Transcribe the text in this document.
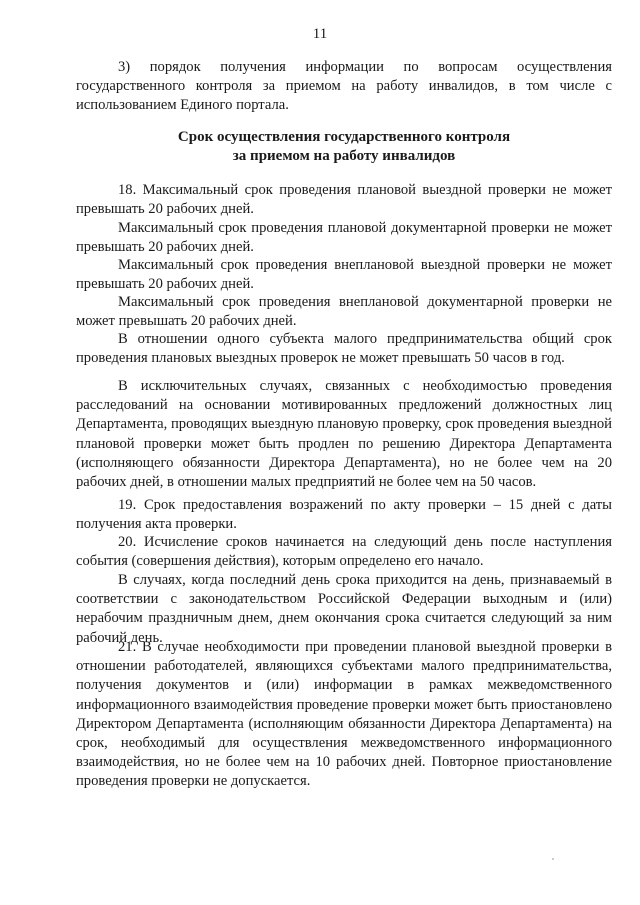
11

3) порядок получения информации по вопросам осуществления государственного контроля за приемом на работу инвалидов, в том числе с использованием Единого портала.

Срок осуществления государственного контроля
за приемом на работу инвалидов

18. Максимальный срок проведения плановой выездной проверки не может превышать 20 рабочих дней.

Максимальный срок проведения плановой документарной проверки не может превышать 20 рабочих дней.

Максимальный срок проведения внеплановой выездной проверки не может превышать 20 рабочих дней.

Максимальный срок проведения внеплановой документарной проверки не может превышать 20 рабочих дней.

В отношении одного субъекта малого предпринимательства общий срок проведения плановых выездных проверок не может превышать 50 часов в год.

В исключительных случаях, связанных с необходимостью проведения расследований на основании мотивированных предложений должностных лиц Департамента, проводящих выездную плановую проверку, срок проведения выездной плановой проверки может быть продлен по решению Директора Департамента (исполняющего обязанности Директора Департамента), но не более чем на 20 рабочих дней, в отношении малых предприятий не более чем на 50 часов.

19. Срок предоставления возражений по акту проверки – 15 дней с даты получения акта проверки.

20. Исчисление сроков начинается на следующий день после наступления события (совершения действия), которым определено его начало.

В случаях, когда последний день срока приходится на день, признаваемый в соответствии с законодательством Российской Федерации выходным и (или) нерабочим праздничным днем, днем окончания срока считается следующий за ним рабочий день.

21. В случае необходимости при проведении плановой выездной проверки в отношении работодателей, являющихся субъектами малого предпринимательства, получения документов и (или) информации в рамках межведомственного информационного взаимодействия проведение проверки может быть приостановлено Директором Департамента (исполняющим обязанности Директора Департамента) на срок, необходимый для осуществления межведомственного информационного взаимодействия, но не более чем на 10 рабочих дней. Повторное приостановление проведения проверки не допускается.
